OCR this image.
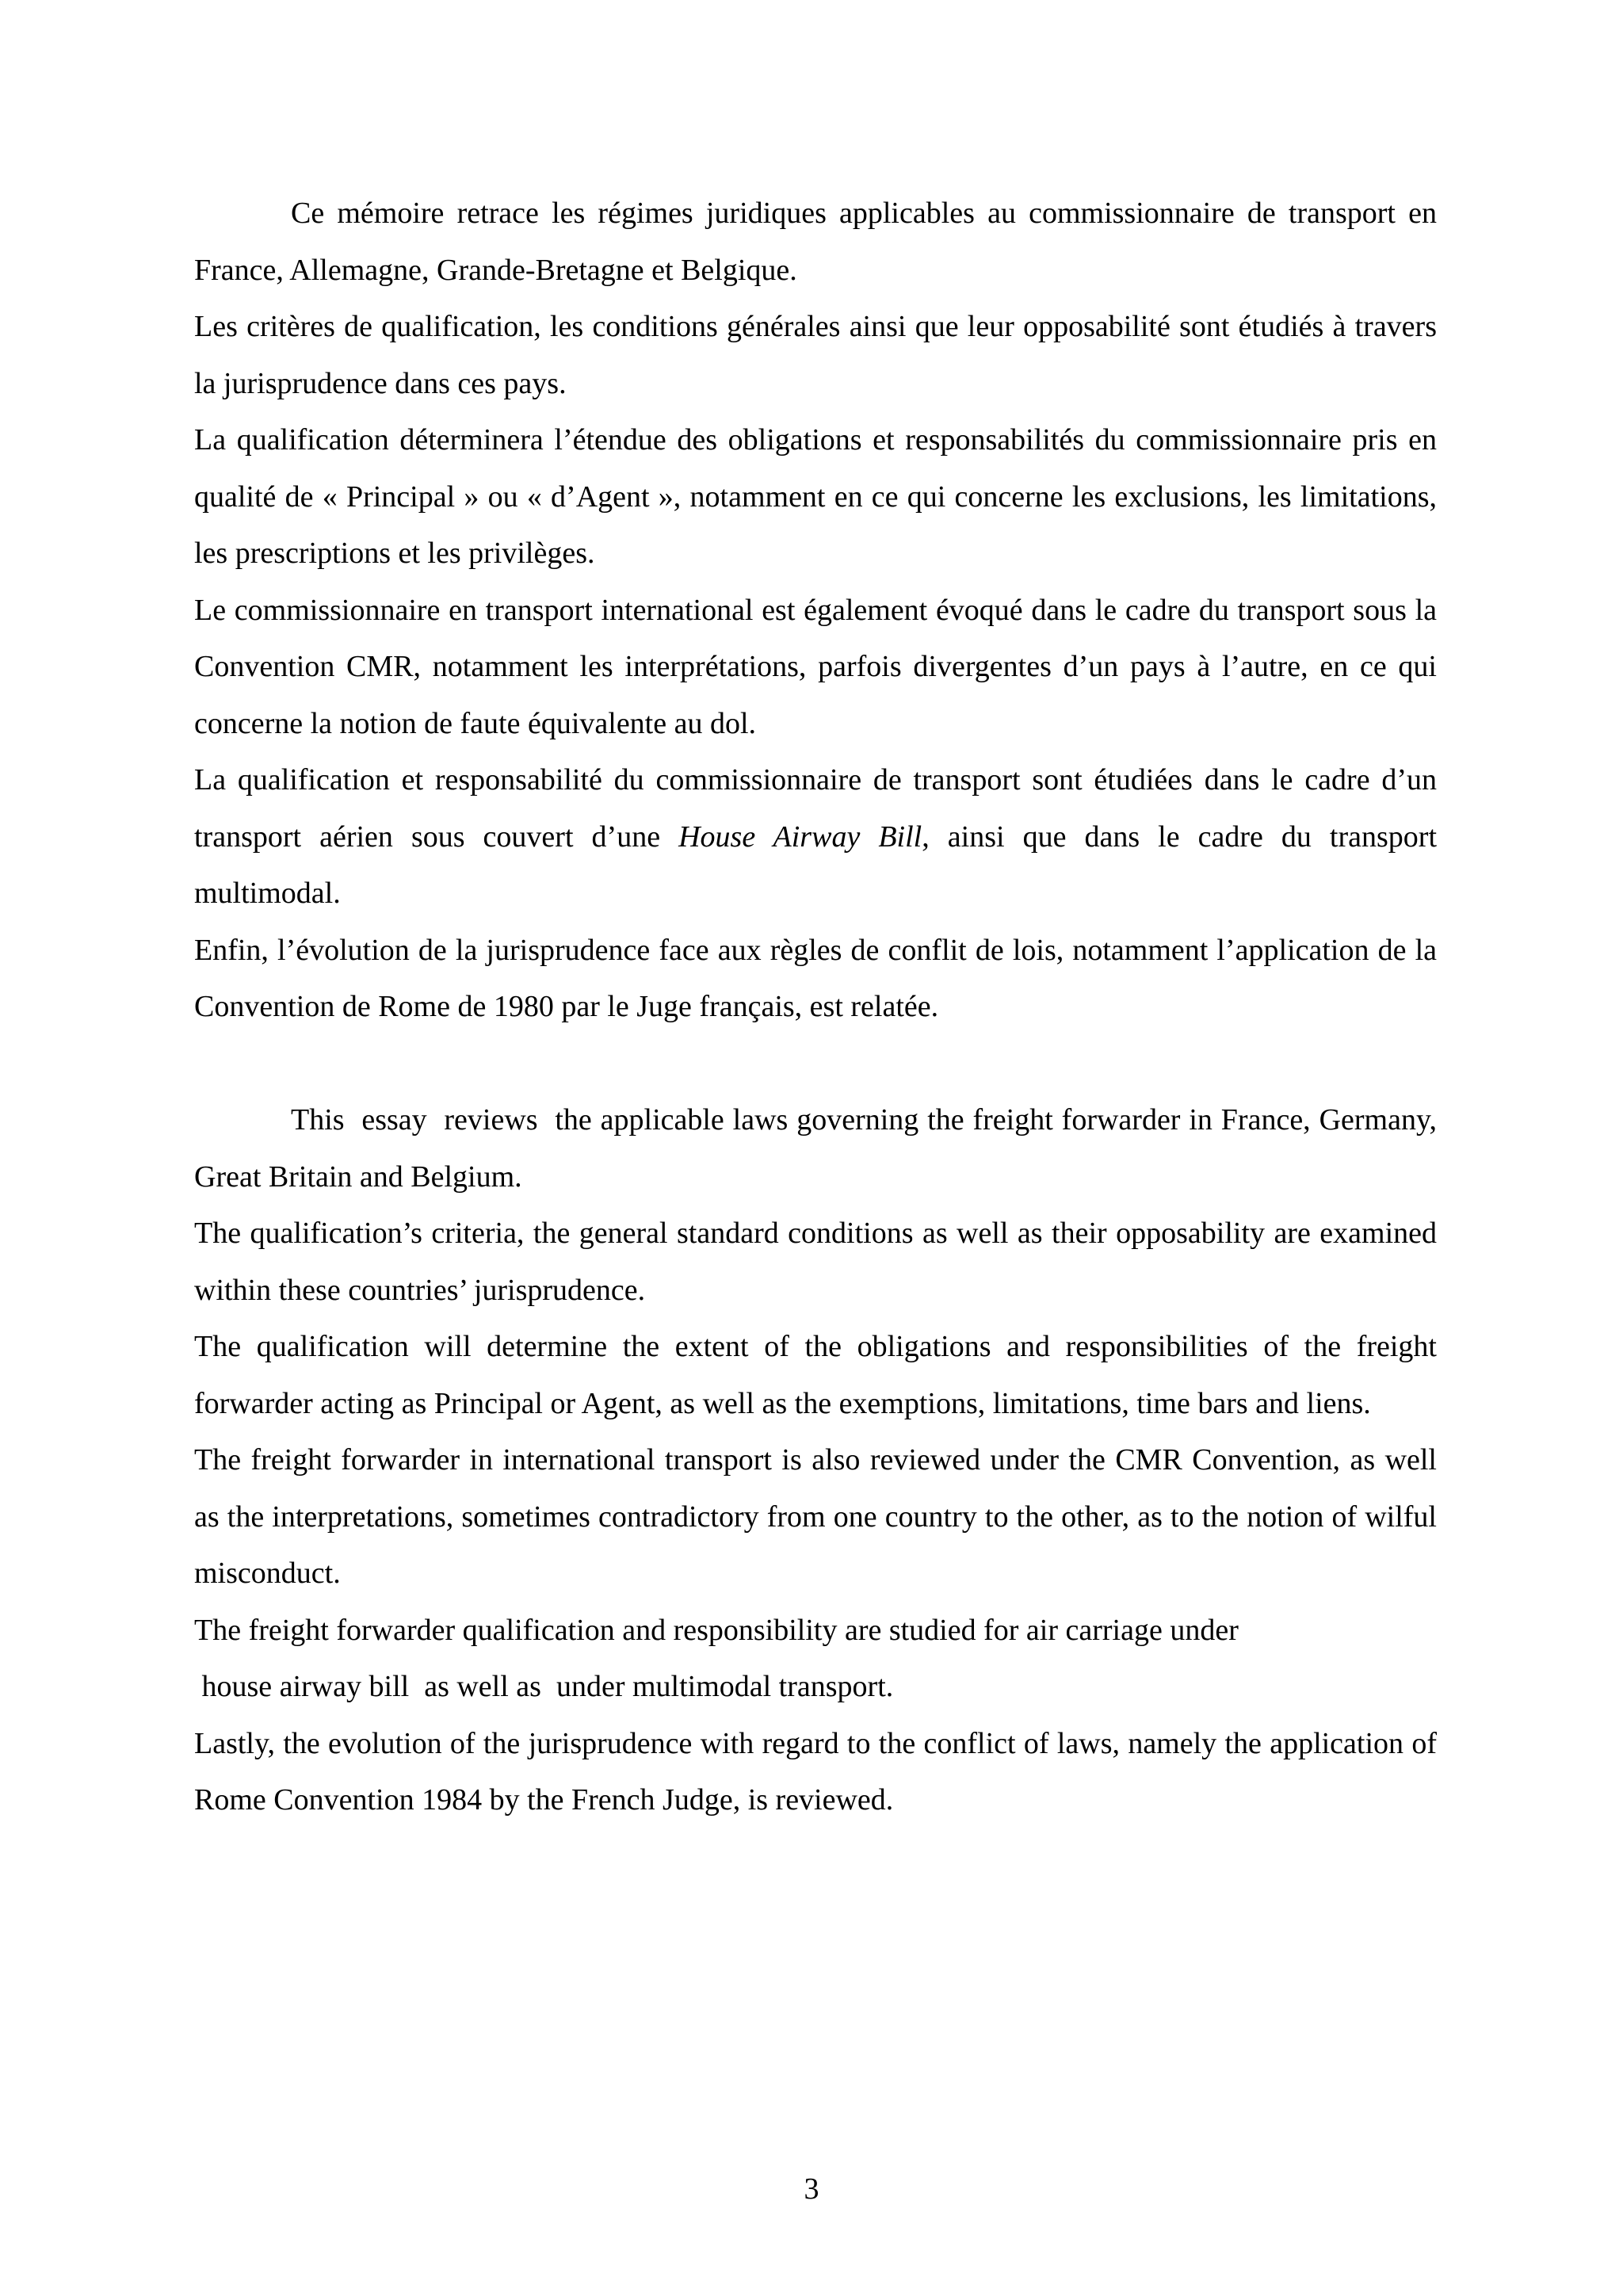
Ce mémoire retrace les régimes juridiques applicables au commissionnaire de transport en France, Allemagne, Grande-Bretagne et Belgique.

Les critères de qualification, les conditions générales ainsi que leur opposabilité sont étudiés à travers la jurisprudence dans ces pays.

La qualification déterminera l’étendue des obligations et responsabilités du commissionnaire pris en qualité de « Principal » ou « d’Agent », notamment en ce qui concerne les exclusions, les limitations, les prescriptions et les privilèges.

Le commissionnaire en transport international est également évoqué dans le cadre du transport sous la Convention CMR, notamment les interprétations, parfois divergentes d’un pays à l’autre, en ce qui concerne la notion de faute équivalente au dol.

La qualification et responsabilité du commissionnaire de transport sont étudiées dans le cadre d’un transport aérien sous couvert d’une House Airway Bill, ainsi que dans le cadre du transport multimodal.

Enfin, l’évolution de la jurisprudence face aux règles de conflit de lois, notamment l’application de la Convention de Rome de 1980 par le Juge français, est relatée.

This  essay  reviews  the applicable laws governing the freight forwarder in France, Germany, Great Britain and Belgium.

The qualification’s criteria, the general standard conditions as well as their opposability are examined within these countries’ jurisprudence.

The qualification will determine the extent of the obligations and responsibilities of the freight forwarder acting as Principal or Agent, as well as the exemptions, limitations, time bars and liens.

The freight forwarder in international transport is also reviewed under the CMR Convention, as well as the interpretations, sometimes contradictory from one country to the other, as to the notion of wilful misconduct.

The freight forwarder qualification and responsibility are studied for air carriage under
house airway bill  as well as  under multimodal transport.

Lastly, the evolution of the jurisprudence with regard to the conflict of laws, namely the application of Rome Convention 1984 by the French Judge, is reviewed.

3
